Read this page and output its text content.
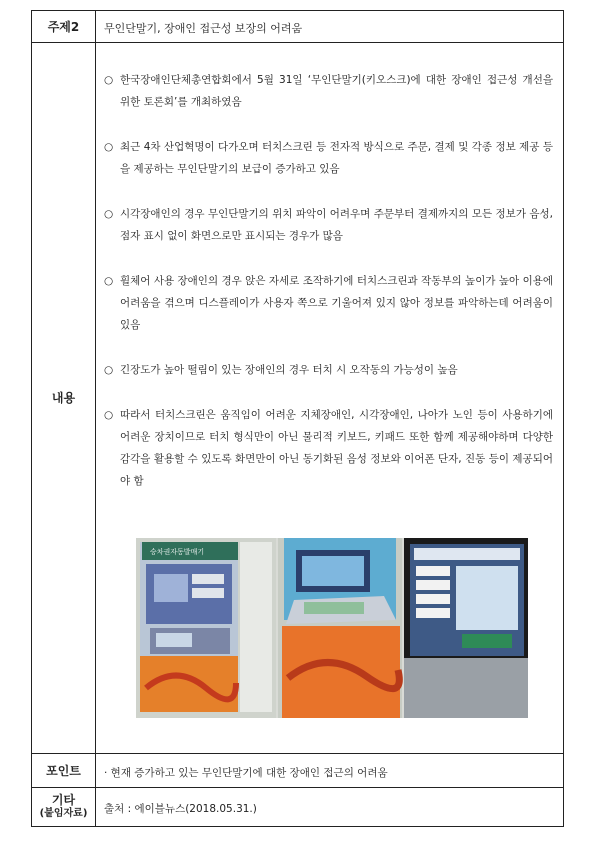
주제2	무인단말기, 장애인 접근성 보장의 어려움
내용
○ 한국장애인단체총연합회에서 5월 31일 ‘무인단말기(키오스크)에 대한 장애인 접근성 개선을 위한 토론회’를 개최하였음
○ 최근 4차 산업혁명이 다가오며 터치스크린 등 전자적 방식으로 주문, 결제 및 각종 정보 제공 등을 제공하는 무인단말기의 보급이 증가하고 있음
○ 시각장애인의 경우 무인단말기의 위치 파악이 어려우며 주문부터 결제까지의 모든 정보가 음성, 점자 표시 없이 화면으로만 표시되는 경우가 많음
○ 휠체어 사용 장애인의 경우 앉은 자세로 조작하기에 터치스크린과 작동부의 높이가 높아 이용에 어려움을 겪으며 디스플레이가 사용자 쪽으로 기울어져 있지 않아 정보를 파악하는데 어려움이 있음
○ 긴장도가 높아 떨림이 있는 장애인의 경우 터치 시 오작동의 가능성이 높음
○ 따라서 터치스크린은 움직임이 어려운 지체장애인, 시각장애인, 나아가 노인 등이 사용하기에 어려운 장치이므로 터치 형식만이 아닌 물리적 키보드, 키패드 또한 함께 제공해야하며 다양한 감각을 활용할 수 있도록 화면만이 아닌 동기화된 음성 정보와 이어폰 단자, 진동 등이 제공되어야 함
승차권자동발매기
포인트	· 현재 증가하고 있는 무인단말기에 대한 장애인 접근의 어려움
기타
(붙임자료) 출처 : 에이블뉴스(2018.05.31.)
